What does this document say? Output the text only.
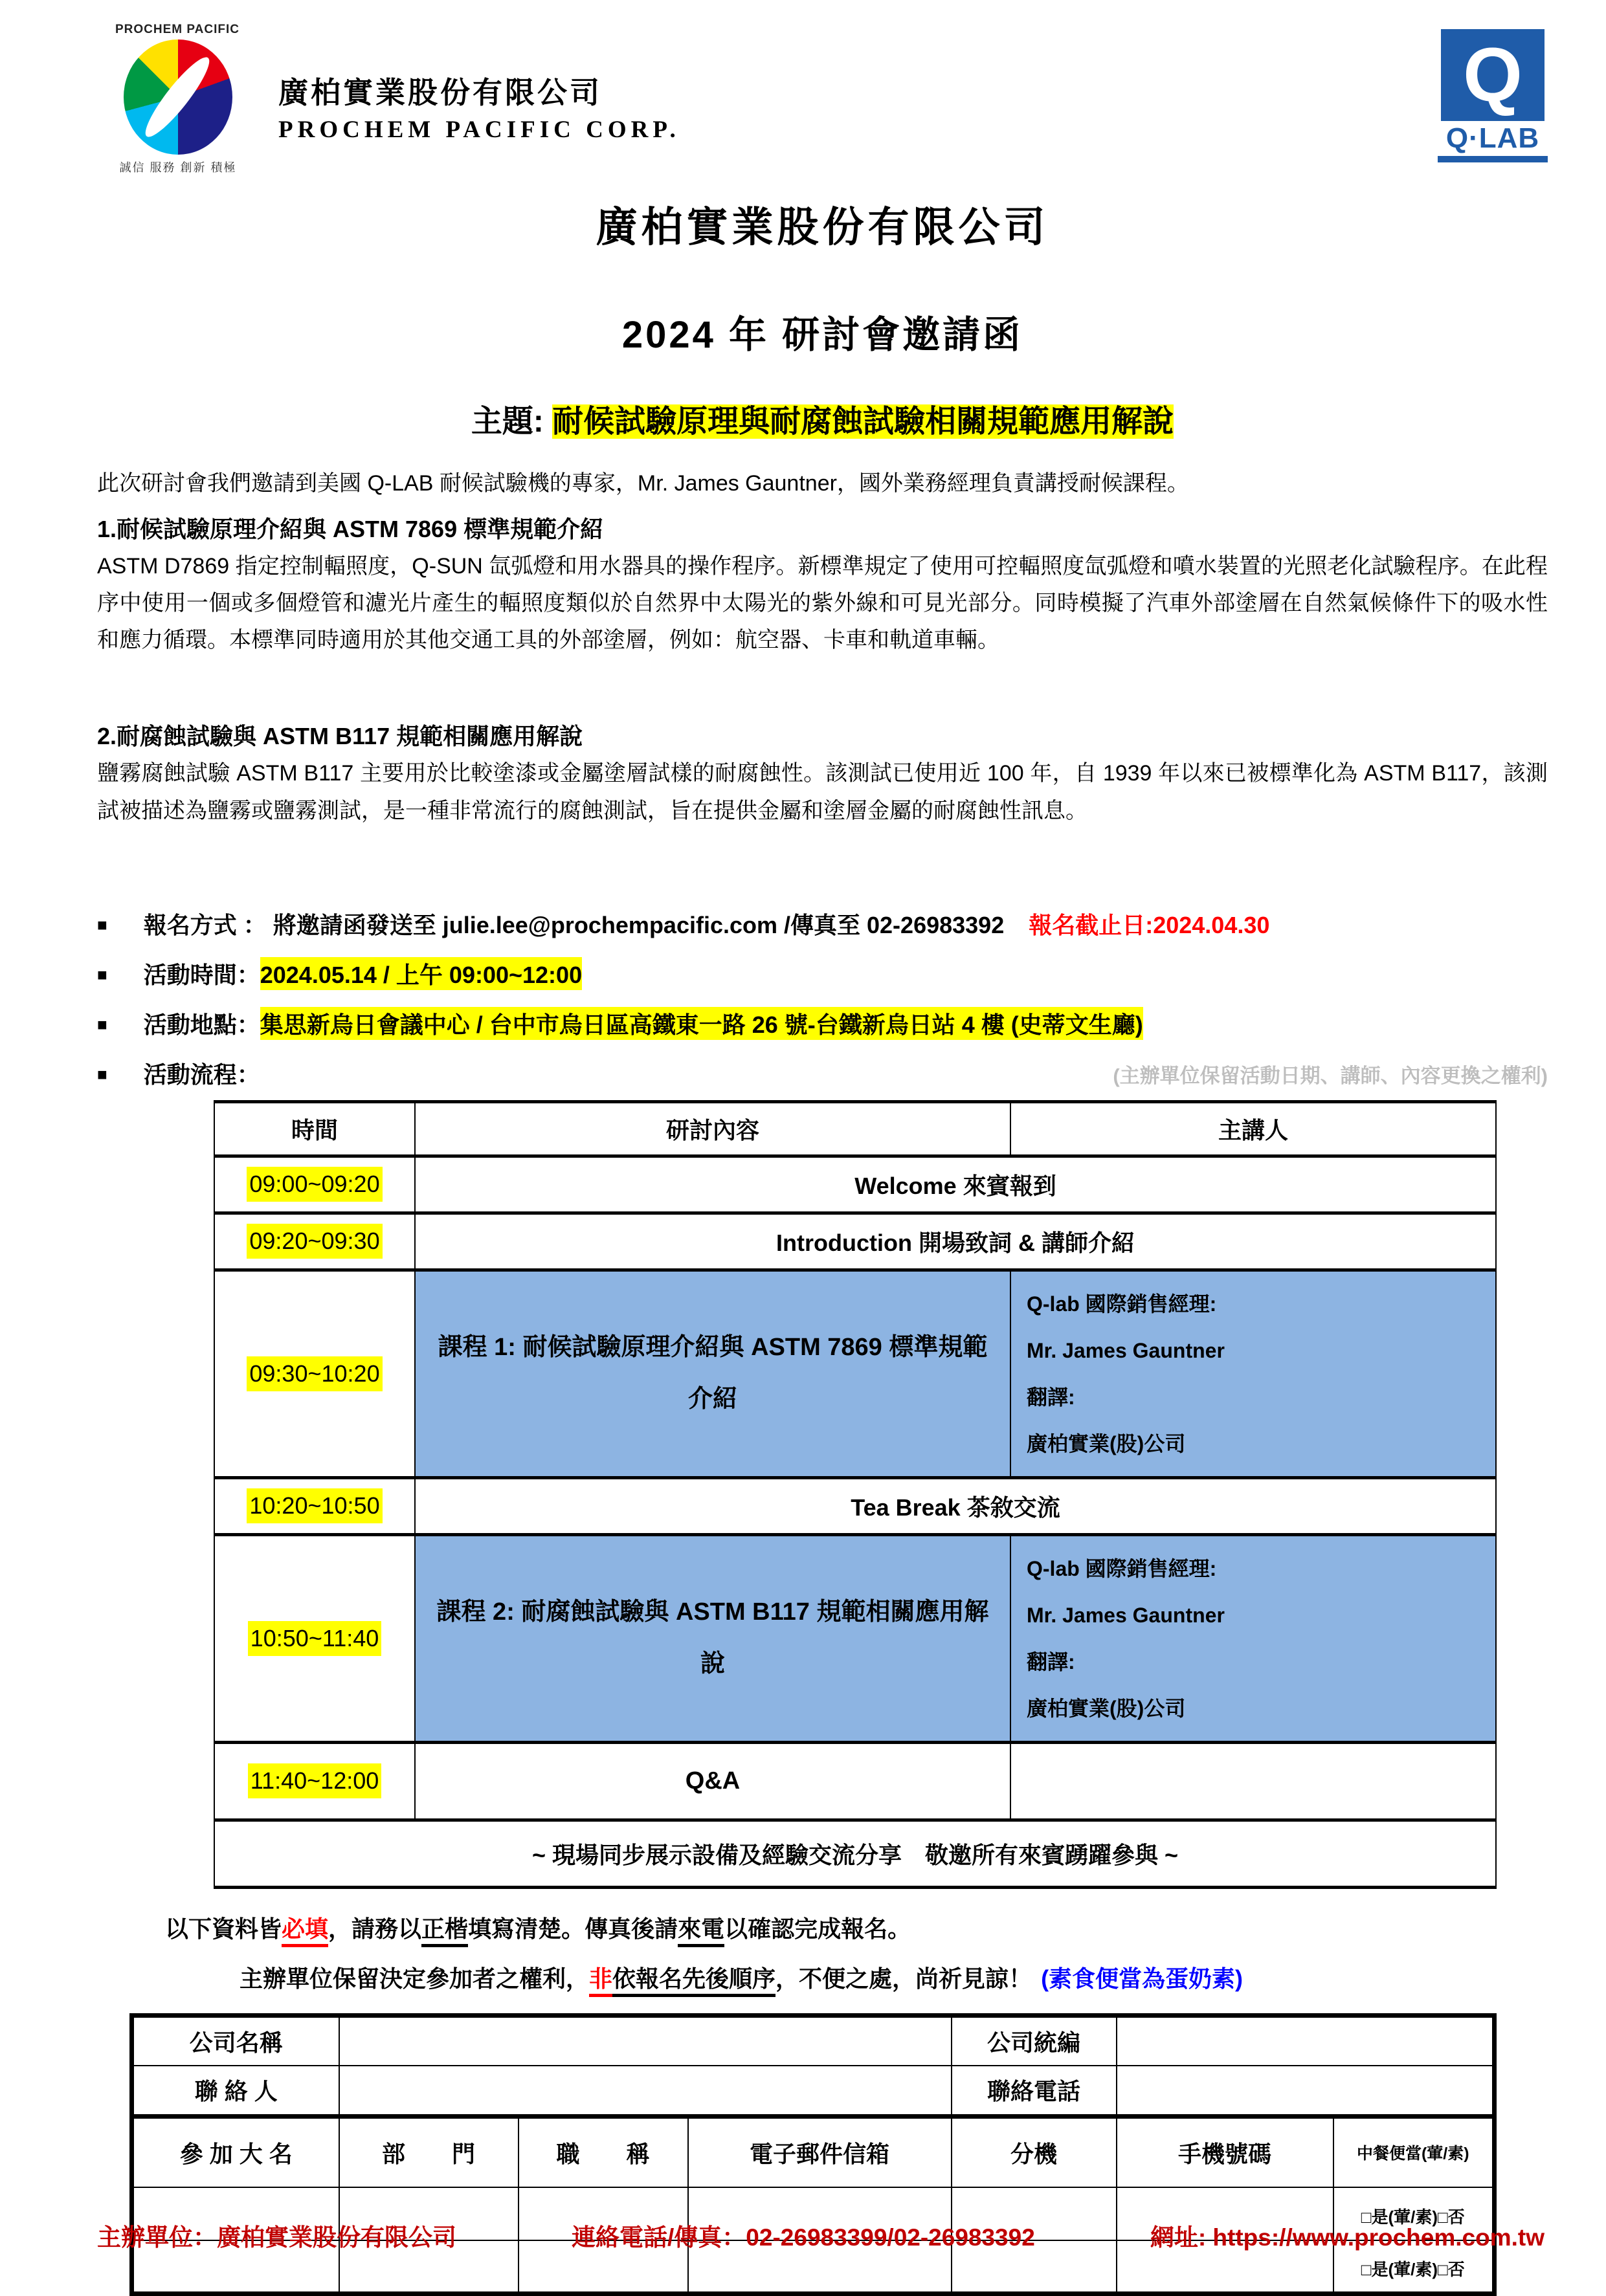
PROCHEM PACIFIC
誠信 服務 創新 積極
廣柏實業股份有限公司
PROCHEM PACIFIC CORP.
Q
Q·LAB
廣柏實業股份有限公司
2024 年 研討會邀請函
主題: 耐候試驗原理與耐腐蝕試驗相關規範應用解說
此次研討會我們邀請到美國 Q-LAB 耐候試驗機的專家，Mr. James Gauntner，國外業務經理負責講授耐候課程。
1.耐候試驗原理介紹與 ASTM 7869 標準規範介紹
ASTM D7869 指定控制輻照度，Q-SUN 氙弧燈和用水器具的操作程序。新標準規定了使用可控輻照度氙弧燈和噴水裝置的光照老化試驗程序。在此程序中使用一個或多個燈管和濾光片產生的輻照度類似於自然界中太陽光的紫外線和可見光部分。同時模擬了汽車外部塗層在自然氣候條件下的吸水性和應力循環。本標準同時適用於其他交通工具的外部塗層，例如：航空器、卡車和軌道車輛。
2.耐腐蝕試驗與 ASTM B117 規範相關應用解說
鹽霧腐蝕試驗 ASTM B117 主要用於比較塗漆或金屬塗層試樣的耐腐蝕性。該測試已使用近 100 年，自 1939 年以來已被標準化為 ASTM B117，該測試被描述為鹽霧或鹽霧測試，是一種非常流行的腐蝕測試，旨在提供金屬和塗層金屬的耐腐蝕性訊息。
■ 報名方式 ： 將邀請函發送至 julie.lee@prochempacific.com /傳真至 02-26983392 報名截止日:2024.04.30
■ 活動時間： 2024.05.14 / 上午 09:00~12:00
■ 活動地點： 集思新烏日會議中心 / 台中市烏日區高鐵東一路 26 號-台鐵新烏日站 4 樓 (史蒂文生廳)
■ 活動流程：	(主辦單位保留活動日期、講師、內容更換之權利)
時間	研討內容	主講人
09:00~09:20	Welcome 來賓報到	
09:20~09:30	Introduction 開場致詞 & 講師介紹	
09:30~10:20	課程 1: 耐候試驗原理介紹與 ASTM 7869 標準規範介紹	Q-lab 國際銷售經理:
Mr. James Gauntner
翻譯:
廣柏實業(股)公司

10:20~10:50	Tea Break 茶敘交流	
10:50~11:40	課程 2: 耐腐蝕試驗與 ASTM B117 規範相關應用解說	Q-lab 國際銷售經理:
Mr. James Gauntner
翻譯:
廣柏實業(股)公司

11:40~12:00	Q&A	
~ 現場同步展示設備及經驗交流分享　敬邀所有來賓踴躍參與 ~		
以下資料皆必填，請務以正楷填寫清楚。傳真後請來電以確認完成報名。
主辦單位保留決定參加者之權利，非依報名先後順序，不便之處，尚祈見諒！ (素食便當為蛋奶素)
公司名稱				公司統編		
聯 絡 人				聯絡電話		
參 加 大 名	部　　門	職　　稱	電子郵件信箱	分機	手機號碼	中餐便當(葷/素)
						□是(葷/素)□否
						□是(葷/素)□否
主辦單位：廣柏實業股份有限公司	連絡電話/傳真：02-26983399/02-26983392	網址: https://www.prochem.com.tw
